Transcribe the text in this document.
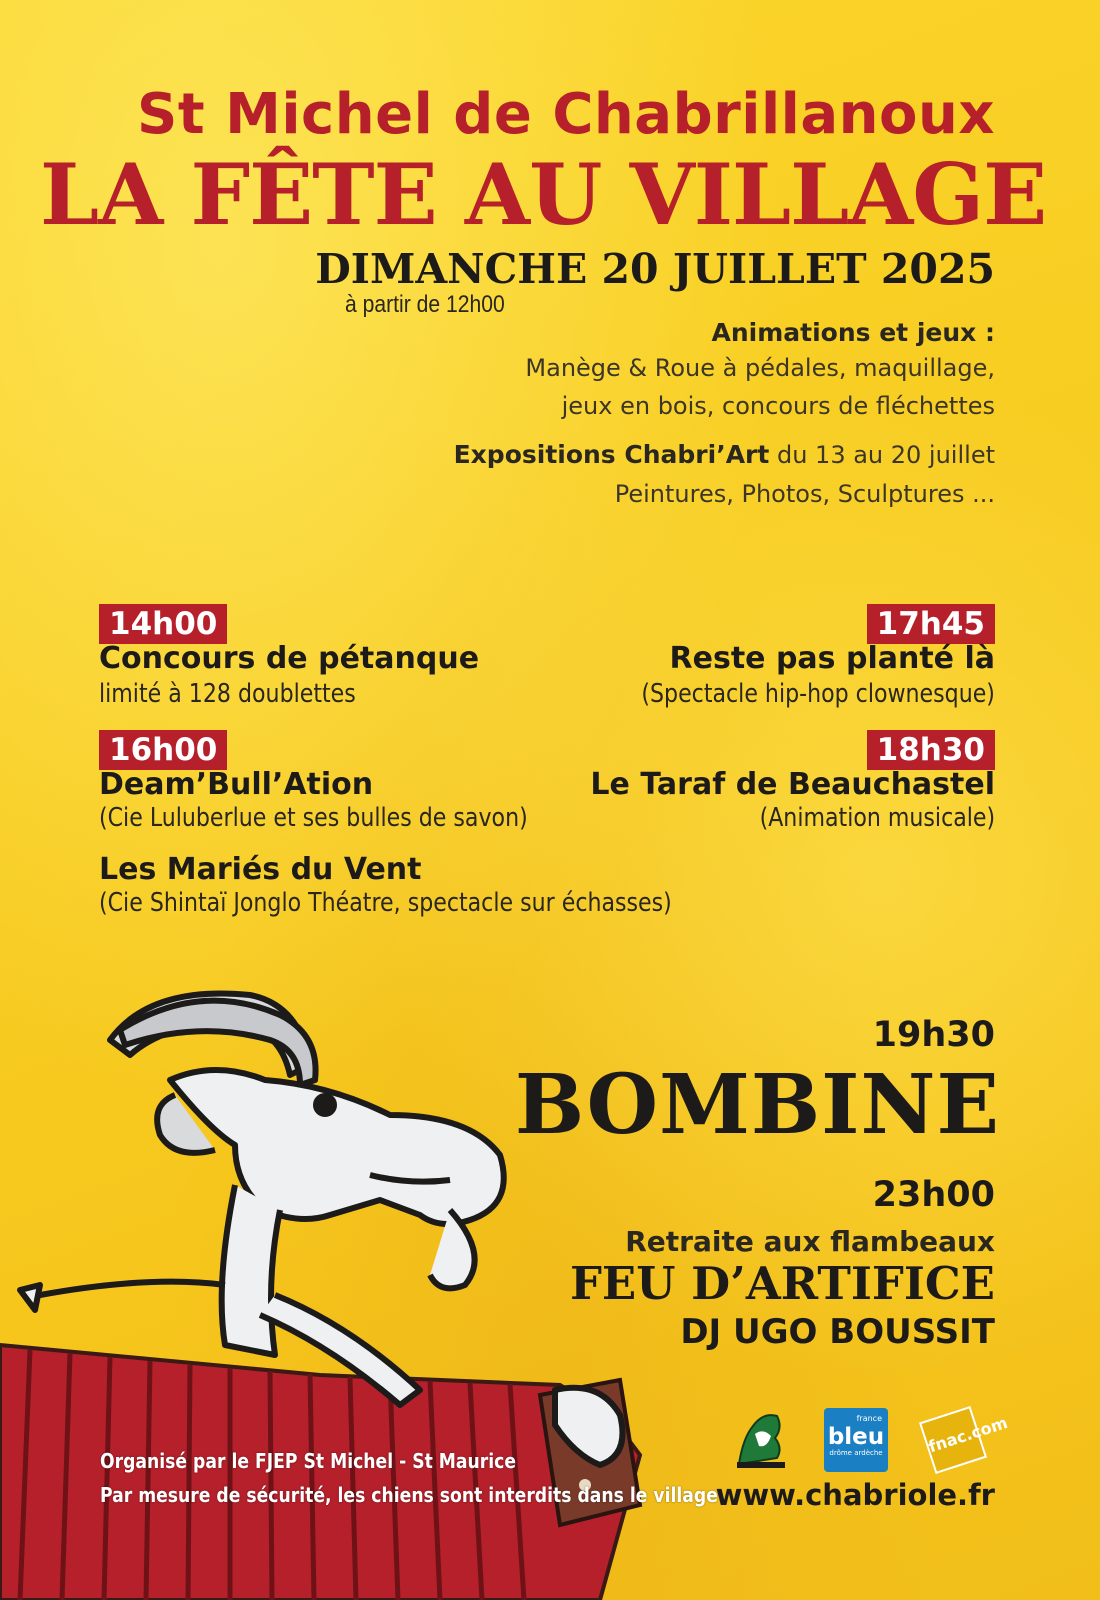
St Michel de Chabrillanoux
LA FÊTE AU VILLAGE
DIMANCHE 20 JUILLET 2025
à partir de 12h00
Animations et jeux :
Manège & Roue à pédales, maquillage,
jeux en bois, concours de fléchettes
Expositions Chabri’Art du 13 au 20 juillet
Peintures, Photos, Sculptures ...
14h00
Concours de pétanque
limité à 128 doublettes
16h00
Deam’Bull’Ation
(Cie Luluberlue et ses bulles de savon)
Les Mariés du Vent
(Cie Shintaï Jonglo Théatre, spectacle sur échasses)
17h45
Reste pas planté là
(Spectacle hip-hop clownesque)
18h30
Le Taraf de Beauchastel
(Animation musicale)
19h30
BOMBINE
23h00
Retraite aux flambeaux
FEU D’ARTIFICE
DJ UGO BOUSSIT
Organisé par le FJEP St Michel - St Maurice
Par mesure de sécurité, les chiens sont interdits dans le village
france
bleu
drôme ardèche	fnac.com
www.chabriole.fr
